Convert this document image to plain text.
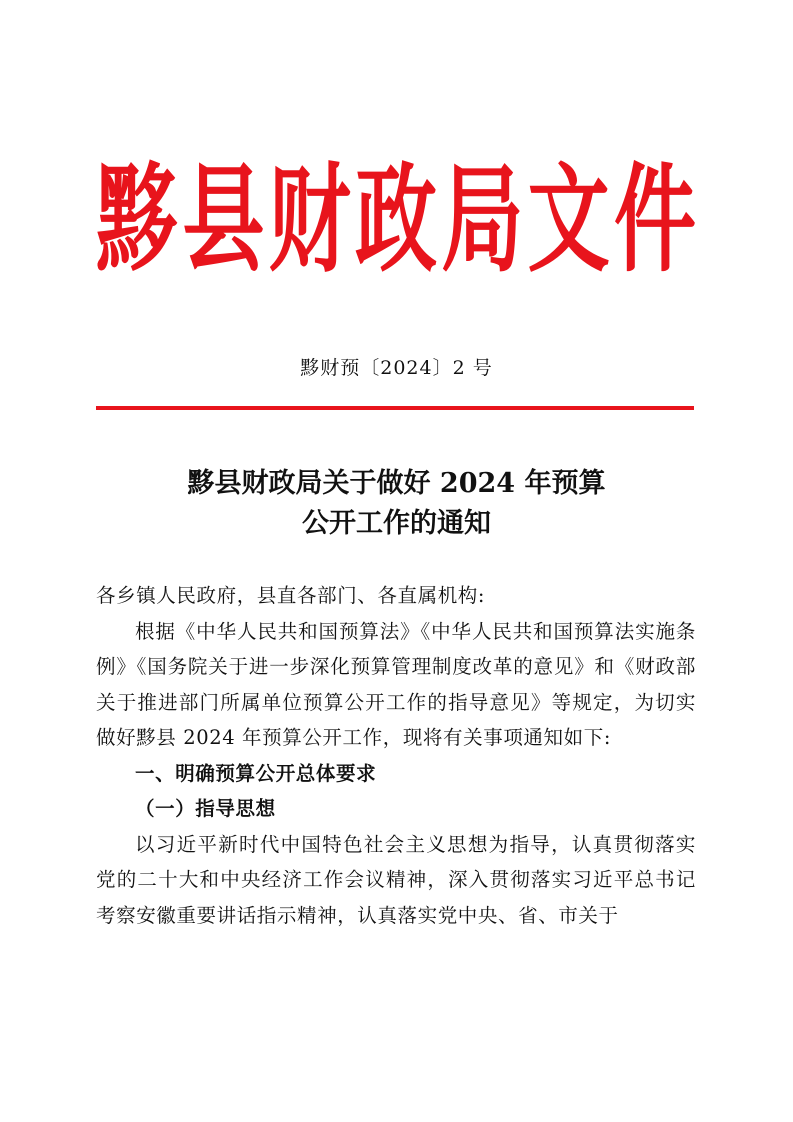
黟 县 财 政 局 文 件
黟财预〔2024〕2 号
黟县财政局关于做好 2024 年预算
公开工作的通知

各乡镇人民政府，县直各部门、各直属机构:

根据《中华人民共和国预算法》《中华人民共和国预算法实施条例》《国务院关于进一步深化预算管理制度改革的意见》和《财政部关于推进部门所属单位预算公开工作的指导意见》等规定，为切实做好黟县 2024 年预算公开工作，现将有关事项通知如下:

一、明确预算公开总体要求

（一）指导思想

以习近平新时代中国特色社会主义思想为指导，认真贯彻落实党的二十大和中央经济工作会议精神，深入贯彻落实习近平总书记考察安徽重要讲话指示精神，认真落实党中央、省、市关于
